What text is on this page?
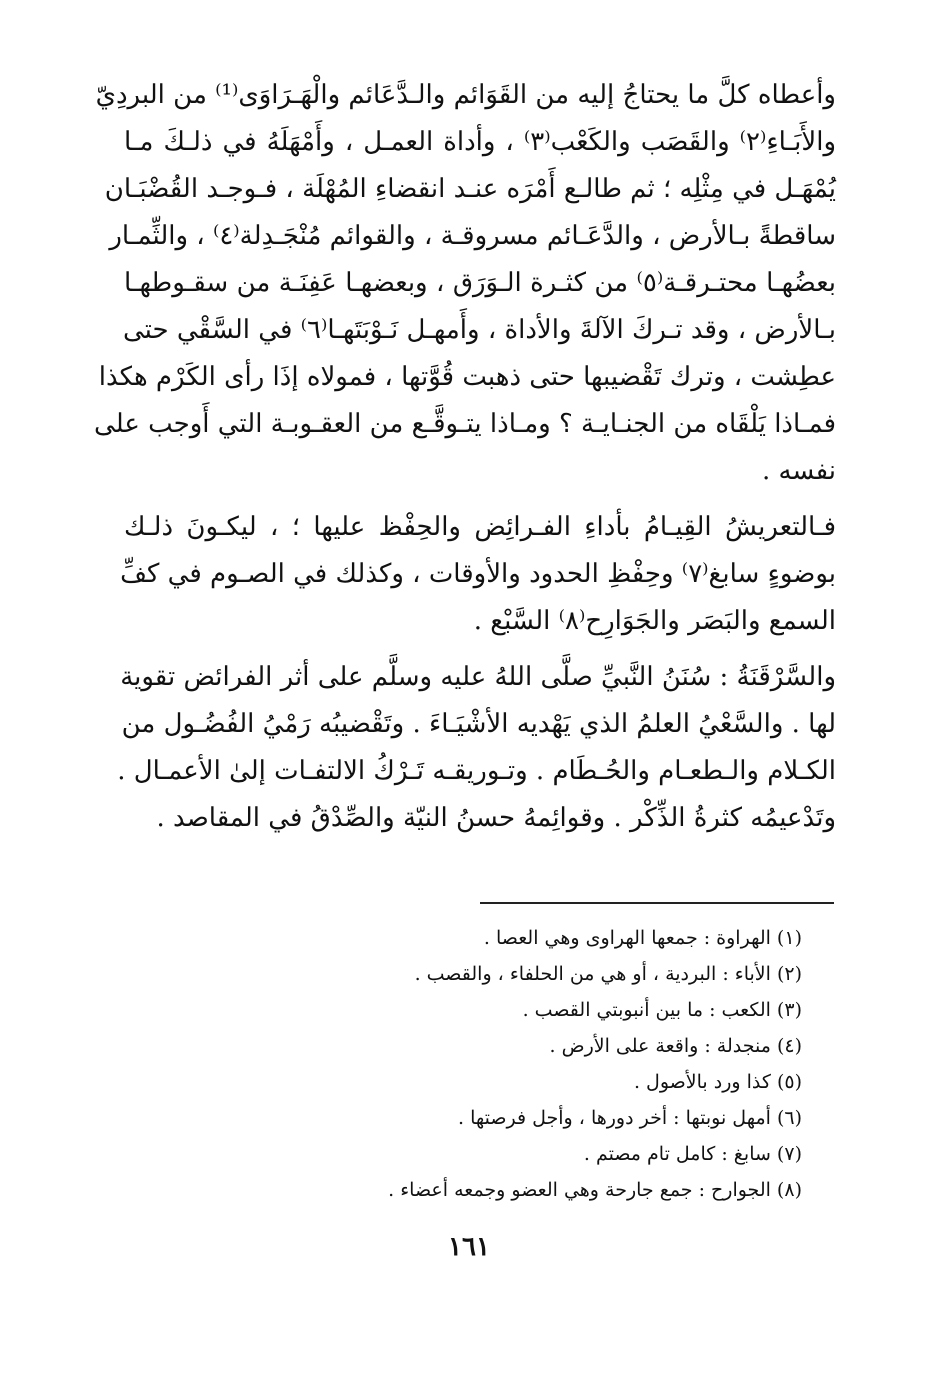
وأعطاه كلَّ ما يحتاجُ إليه من القَوَائم والـدَّعَائم والْهَـرَاوَى⁽¹⁾ من البردِيّ
والأَبَـاءِ⁽٢⁾ والقَصَب والكَعْب⁽٣⁾ ، وأداة العمـل ، وأَمْهَلَهُ في ذلـكَ مـا
يُمْهَـل في مِثْلِه ؛ ثم طالـع أَمْرَه عنـد انقضاءِ المُهْلَة ، فـوجـد القُضْبَـان
ساقطةً بـالأرض ، والدَّعَـائم مسروقـة ، والقوائم مُنْجَـدِلة⁽٤⁾ ، والثِّمـار
بعضُهـا محتـرقـة⁽٥⁾ من كثـرة الـوَرَق ، وبعضهـا عَفِنَـة من سقـوطهـا
بـالأرض ، وقد تـركَ الآلةَ والأداة ، وأَمهـل نَـوْبَتَهـا⁽٦⁾ في السَّقْي حتى
عطِشت ، وترك تَقْضيبها حتى ذهبت قُوَّتها ، فمولاه إذَا رأى الكَرْم هكذا
فمـاذا يَلْقَاه من الجنـايـة ؟ ومـاذا يتـوقَّـع من العقـوبـة التي أَوجب على
نفسه .
فـالتعريشُ القِيـامُ بأداءِ الفـرائِض والحِفْظ عليها ؛ ، ليكـونَ ذلـك
بوضوءٍ سابغ⁽٧⁾ وحِفْظِ الحدود والأوقات ، وكذلك في الصـوم في كفِّ
السمع والبَصَر والجَوَارِح⁽٨⁾ السَّبْع .
والسَّرْقَنَةُ : سُنَنُ النَّبيِّ صلَّى اللهُ عليه وسلَّم على أثر الفرائض تقوية
لها . والسَّعْيُ العلمُ الذي يَهْديه الأشْيَـاءَ . وتَقْضيبُه رَمْيُ الفُضُـول من
الكـلام والـطعـام والحُـطَام . وتـوريقـه تَـرْكُ الالتفـات إلىٰ الأعمـال .
وتَدْعيمُه كثرةُ الذِّكْر . وقوائِمهُ حسنُ النيّة والصِّدْقُ في المقاصد .
(١) الهراوة : جمعها الهراوى وهي العصا .
(٢) الأباء : البردية ، أو هي من الحلفاء ، والقصب .
(٣) الكعب : ما بين أنبوبتي القصب .
(٤) منجدلة : واقعة على الأرض .
(٥) كذا ورد بالأصول .
(٦) أمهل نوبتها : أخر دورها ، وأجل فرصتها .
(٧) سابغ : كامل تام مصتم .
(٨) الجوارح : جمع جارحة وهي العضو وجمعه أعضاء .
١٦١
